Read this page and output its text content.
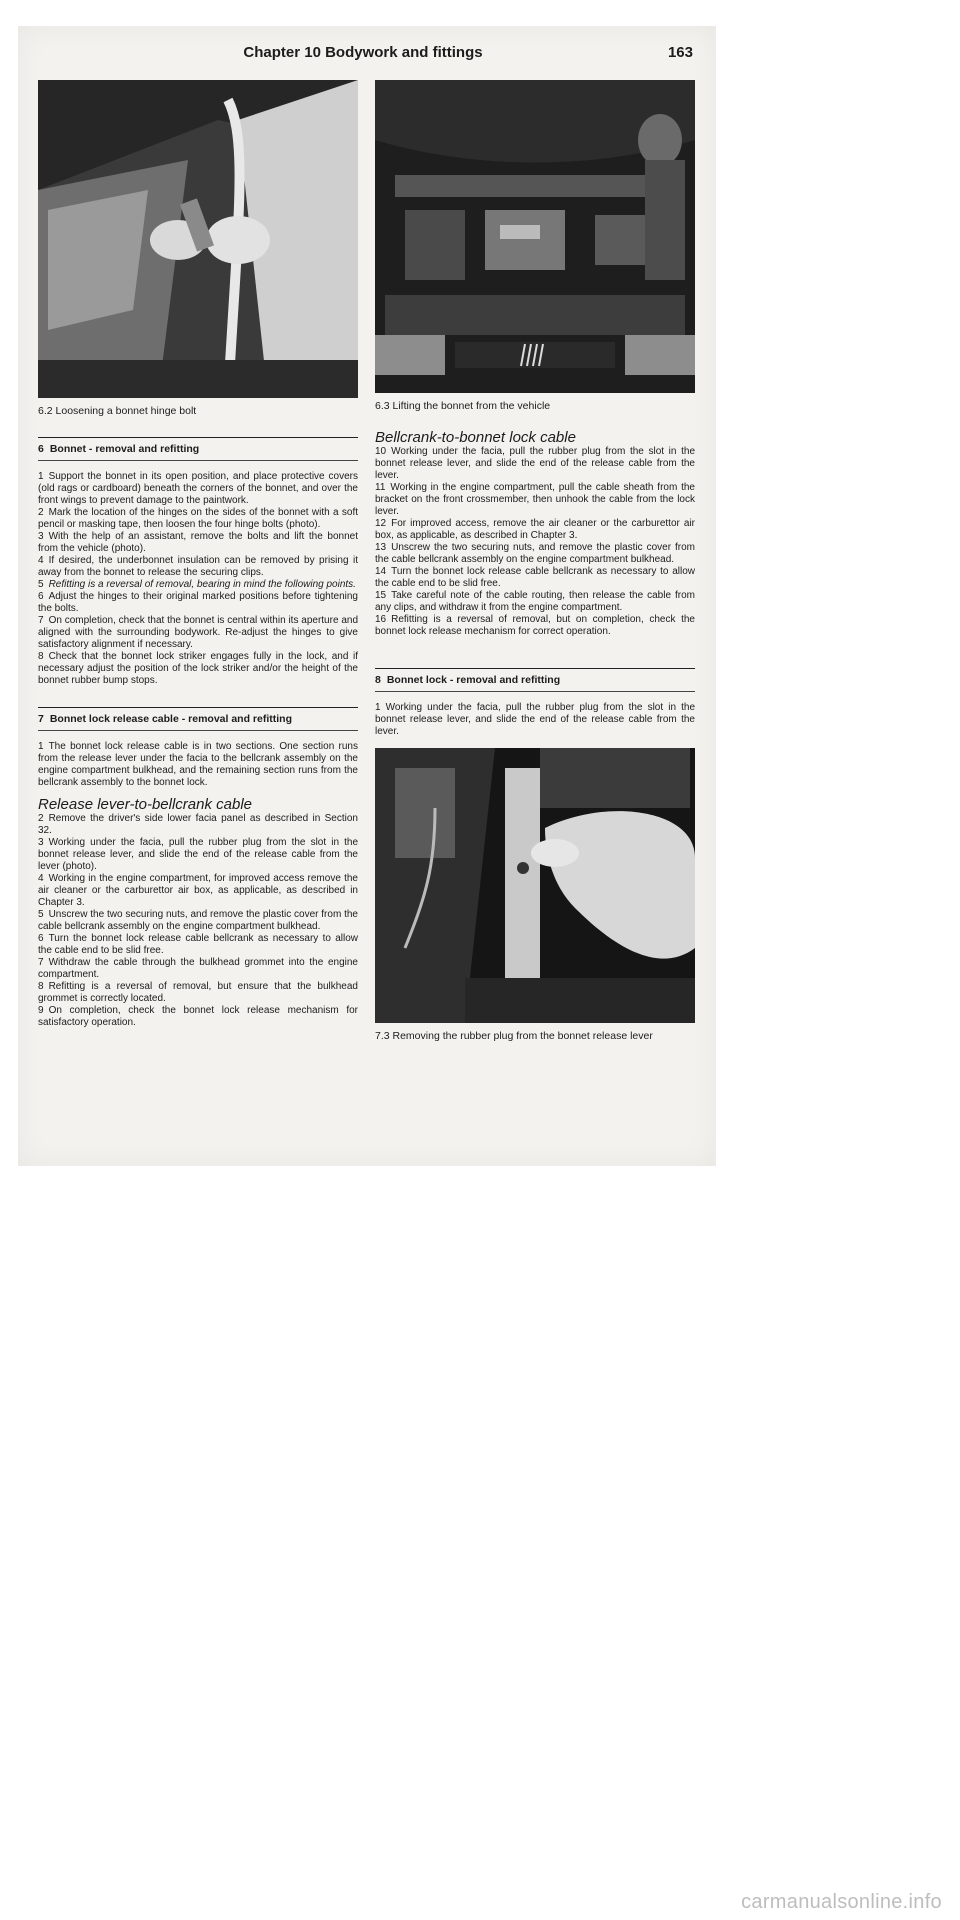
Chapter 10 Bodywork and fittings	163
6.2 Loosening a bonnet hinge bolt
6 Bonnet - removal and refitting

1 Support the bonnet in its open position, and place protective covers (old rags or cardboard) beneath the corners of the bonnet, and over the front wings to prevent damage to the paintwork.

2 Mark the location of the hinges on the sides of the bonnet with a soft pencil or masking tape, then loosen the four hinge bolts (photo).

3 With the help of an assistant, remove the bolts and lift the bonnet from the vehicle (photo).

4 If desired, the underbonnet insulation can be removed by prising it away from the bonnet to release the securing clips.

5 Refitting is a reversal of removal, bearing in mind the following points.

6 Adjust the hinges to their original marked positions before tightening the bolts.

7 On completion, check that the bonnet is central within its aperture and aligned with the surrounding bodywork. Re-adjust the hinges to give satisfactory alignment if necessary.

8 Check that the bonnet lock striker engages fully in the lock, and if necessary adjust the position of the lock striker and/or the height of the bonnet rubber bump stops.

7 Bonnet lock release cable - removal and refitting

1 The bonnet lock release cable is in two sections. One section runs from the release lever under the facia to the bellcrank assembly on the engine compartment bulkhead, and the remaining section runs from the bellcrank assembly to the bonnet lock.

Release lever-to-bellcrank cable

2 Remove the driver's side lower facia panel as described in Section 32.

3 Working under the facia, pull the rubber plug from the slot in the bonnet release lever, and slide the end of the release cable from the lever (photo).

4 Working in the engine compartment, for improved access remove the air cleaner or the carburettor air box, as applicable, as described in Chapter 3.

5 Unscrew the two securing nuts, and remove the plastic cover from the cable bellcrank assembly on the engine compartment bulkhead.

6 Turn the bonnet lock release cable bellcrank as necessary to allow the cable end to be slid free.

7 Withdraw the cable through the bulkhead grommet into the engine compartment.

8 Refitting is a reversal of removal, but ensure that the bulkhead grommet is correctly located.

9 On completion, check the bonnet lock release mechanism for satisfactory operation.

6.3 Lifting the bonnet from the vehicle
Bellcrank-to-bonnet lock cable

10 Working under the facia, pull the rubber plug from the slot in the bonnet release lever, and slide the end of the release cable from the lever.

11 Working in the engine compartment, pull the cable sheath from the bracket on the front crossmember, then unhook the cable from the lock lever.

12 For improved access, remove the air cleaner or the carburettor air box, as applicable, as described in Chapter 3.

13 Unscrew the two securing nuts, and remove the plastic cover from the cable bellcrank assembly on the engine compartment bulkhead.

14 Turn the bonnet lock release cable bellcrank as necessary to allow the cable end to be slid free.

15 Take careful note of the cable routing, then release the cable from any clips, and withdraw it from the engine compartment.

16 Refitting is a reversal of removal, but on completion, check the bonnet lock release mechanism for correct operation.

8 Bonnet lock - removal and refitting

1 Working under the facia, pull the rubber plug from the slot in the bonnet release lever, and slide the end of the release cable from the lever.

7.3 Removing the rubber plug from the bonnet release lever
carmanualsonline.info
